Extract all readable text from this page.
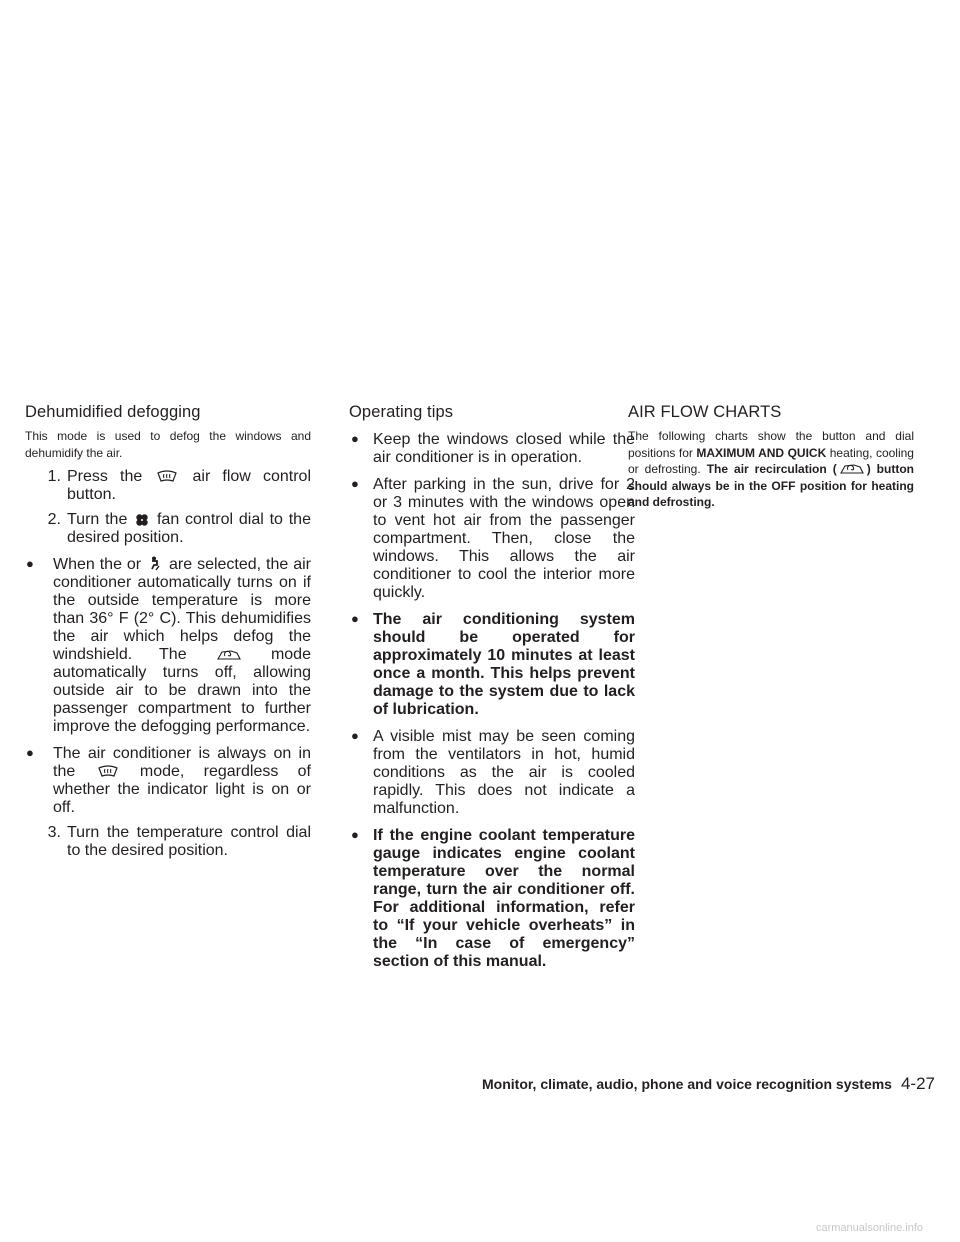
Dehumidified defogging

This mode is used to defog the windows and dehumidify the air.

1. Press the	air flow control button.
2. Turn the fan control dial to the desired position.
●	When the or are selected, the air conditioner automatically turns on if the outside temperature is more than 36° F (2° C). This dehumidifies the air which helps defog the windshield. The	mode automatically turns off, allowing outside air to be drawn into the passenger compartment to further improve the defogging performance.
●	The air conditioner is always on in the	mode, regardless of whether the indicator light is on or off.
3. Turn the temperature control dial to the desired position.
Operating tips
● Keep the windows closed while the air conditioner is in operation.
● After parking in the sun, drive for 2 or 3 minutes with the windows open to vent hot air from the passenger compartment. Then, close the windows. This allows the air conditioner to cool the interior more quickly.
● The air conditioning system should be operated for approximately 10 minutes at least once a month. This helps prevent damage to the system due to lack of lubrication.
● A visible mist may be seen coming from the ventilators in hot, humid conditions as the air is cooled rapidly. This does not indicate a malfunction.
● If the engine coolant temperature gauge indicates engine coolant temperature over the normal range, turn the air conditioner off. For additional information, refer to “If your vehicle overheats” in the “In case of emergency” section of this manual.
AIR FLOW CHARTS

The following charts show the button and dial positions for MAXIMUM AND QUICK heating, cooling or defrosting. The air recirculation (	) button should always be in the OFF position for heating and defrosting.

Monitor, climate, audio, phone and voice recognition systems 4-27
carmanualsonline.info
